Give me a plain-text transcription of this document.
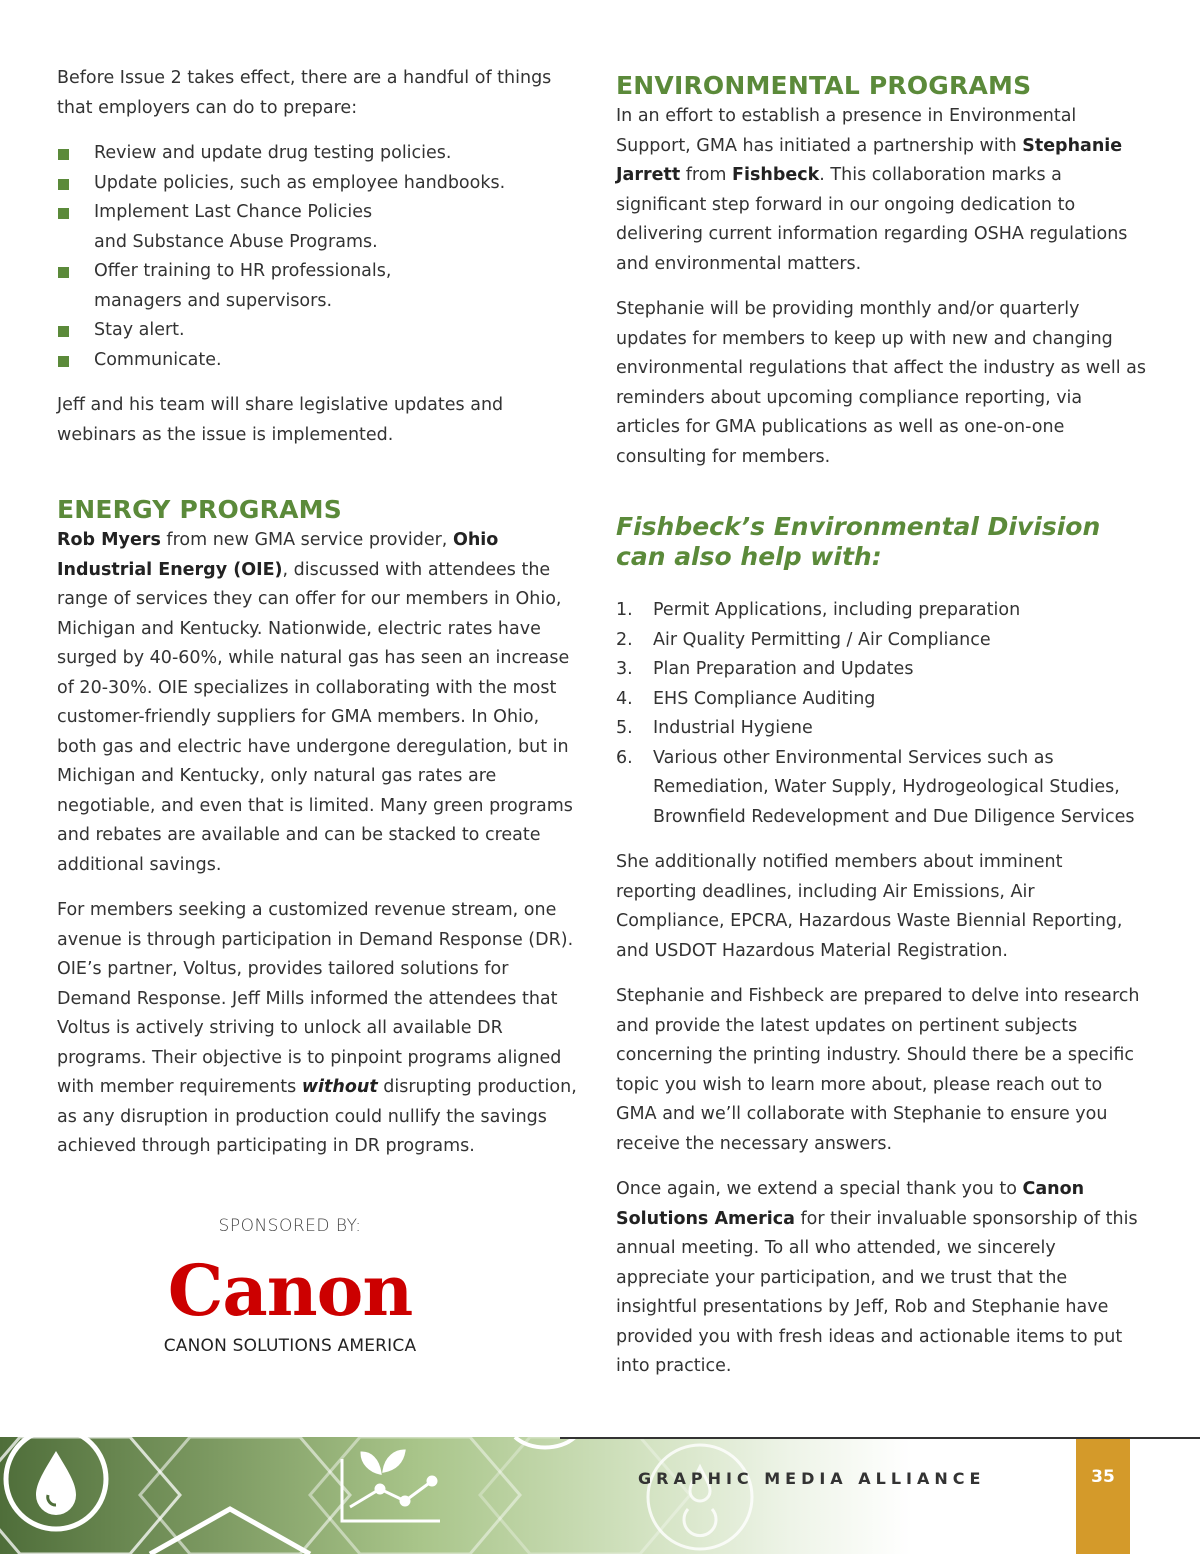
Before Issue 2 takes effect, there are a handful of things that employers can do to prepare:

Review and update drug testing policies.
Update policies, such as employee handbooks.
Implement Last Chance Policies and Substance Abuse Programs.
Offer training to HR professionals, managers and supervisors.
Stay alert.
Communicate.

Jeff and his team will share legislative updates and webinars as the issue is implemented.

ENERGY PROGRAMS

Rob Myers from new GMA service provider, Ohio Industrial Energy (OIE), discussed with attendees the range of services they can offer for our members in Ohio, Michigan and Kentucky. Nationwide, electric rates have surged by 40-60%, while natural gas has seen an increase of 20-30%. OIE specializes in collaborating with the most customer-friendly suppliers for GMA members. In Ohio, both gas and electric have undergone deregulation, but in Michigan and Kentucky, only natural gas rates are negotiable, and even that is limited. Many green programs and rebates are available and can be stacked to create additional savings.

For members seeking a customized revenue stream, one avenue is through participation in Demand Response (DR). OIE’s partner, Voltus, provides tailored solutions for Demand Response. Jeff Mills informed the attendees that Voltus is actively striving to unlock all available DR programs. Their objective is to pinpoint programs aligned with member requirements without disrupting production, as any disruption in production could nullify the savings achieved through participating in DR programs.

SPONSORED BY:
Canon
CANON SOLUTIONS AMERICA
ENVIRONMENTAL PROGRAMS

In an effort to establish a presence in Environmental Support, GMA has initiated a partnership with Stephanie Jarrett from Fishbeck. This collaboration marks a significant step forward in our ongoing dedication to delivering current information regarding OSHA regulations and environmental matters.

Stephanie will be providing monthly and/or quarterly updates for members to keep up with new and changing environmental regulations that affect the industry as well as reminders about upcoming compliance reporting, via articles for GMA publications as well as one-on-one consulting for members.

Fishbeck’s Environmental Division
can also help with:
1. Permit Applications, including preparation
2. Air Quality Permitting / Air Compliance
3. Plan Preparation and Updates
4. EHS Compliance Auditing
5. Industrial Hygiene
6. Various other Environmental Services such as Remediation, Water Supply, Hydrogeological Studies, Brownfield Redevelopment and Due Diligence Services

She additionally notified members about imminent reporting deadlines, including Air Emissions, Air Compliance, EPCRA, Hazardous Waste Biennial Reporting, and USDOT Hazardous Material Registration.

Stephanie and Fishbeck are prepared to delve into research and provide the latest updates on pertinent subjects concerning the printing industry. Should there be a specific topic you wish to learn more about, please reach out to GMA and we’ll collaborate with Stephanie to ensure you receive the necessary answers.

Once again, we extend a special thank you to Canon Solutions America for their invaluable sponsorship of this annual meeting. To all who attended, we sincerely appreciate your participation, and we trust that the insightful presentations by Jeff, Rob and Stephanie have provided you with fresh ideas and actionable items to put into practice.

GRAPHIC MEDIA ALLIANCE	35
